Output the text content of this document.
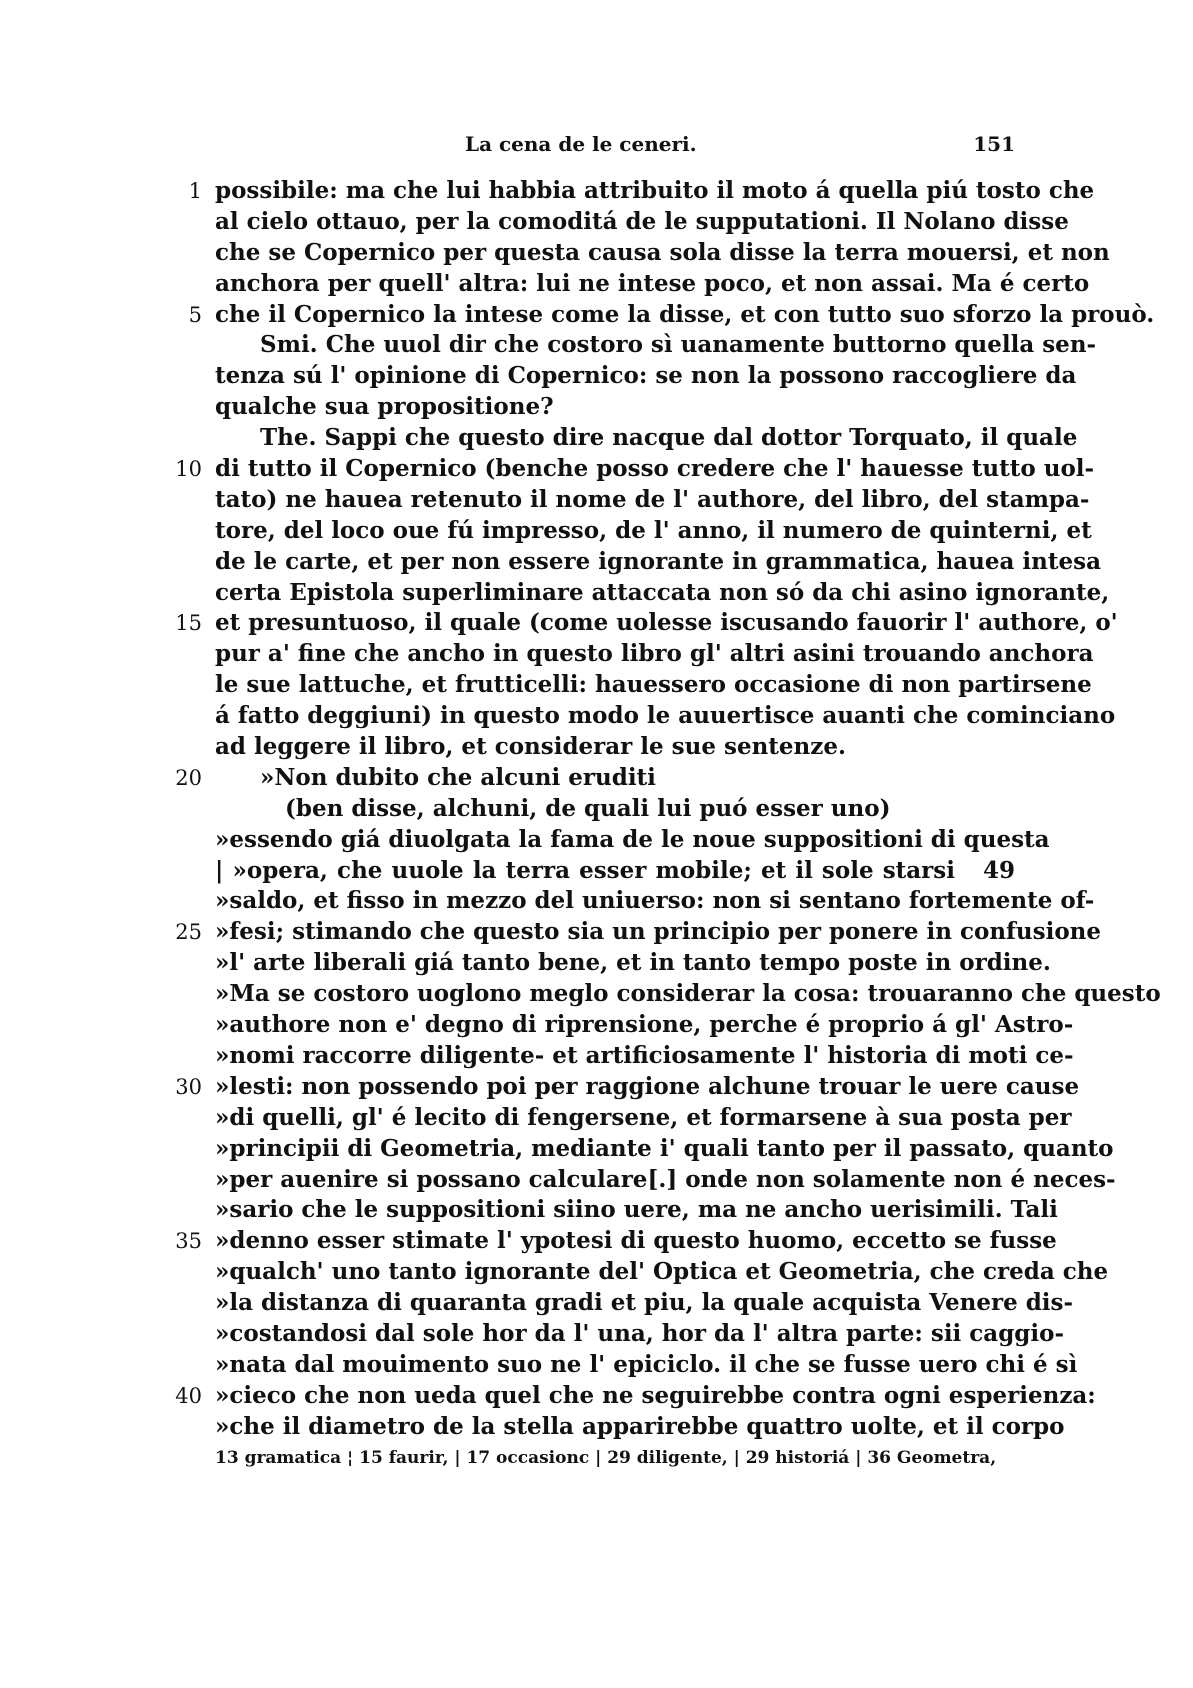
La cena de le ceneri.	151
1 possibile: ma che lui habbia attribuito il moto á quella piú tosto che
al cielo ottauo, per la comoditá de le supputationi. Il Nolano disse
che se Copernico per questa causa sola disse la terra mouersi, et non
anchora per quell' altra: lui ne intese poco, et non assai. Ma é certo
5 che il Copernico la intese come la disse, et con tutto suo sforzo la prouò.
Smi. Che uuol dir che costoro sì uanamente buttorno quella sen-
tenza sú l' opinione di Copernico: se non la possono raccogliere da
qualche sua propositione?
The. Sappi che questo dire nacque dal dottor Torquato, il quale
10 di tutto il Copernico (benche posso credere che l' hauesse tutto uol-
tato) ne hauea retenuto il nome de l' authore, del libro, del stampa-
tore, del loco oue fú impresso, de l' anno, il numero de quinterni, et
de le carte, et per non essere ignorante in grammatica, hauea intesa
certa Epistola superliminare attaccata non só da chi asino ignorante,
15 et presuntuoso, il quale (come uolesse iscusando fauorir l' authore, o'
pur a' fine che ancho in questo libro gl' altri asini trouando anchora
le sue lattuche, et frutticelli: hauessero occasione di non partirsene
á fatto deggiuni) in questo modo le auuertisce auanti che cominciano
ad leggere il libro, et considerar le sue sentenze.
20	»Non dubito che alcuni eruditi
(ben disse, alchuni, de quali lui puó esser uno)
»essendo giá diuolgata la fama de le noue suppositioni di questa
| »opera, che uuole la terra esser mobile; et il sole starsi	49
»saldo, et fisso in mezzo del uniuerso: non si sentano fortemente of-
25 »fesi; stimando che questo sia un principio per ponere in confusione
»l' arte liberali giá tanto bene, et in tanto tempo poste in ordine.
»Ma se costoro uoglono meglo considerar la cosa: trouaranno che questo
»authore non e' degno di riprensione, perche é proprio á gl' Astro-
»nomi raccorre diligente- et artificiosamente l' historia di moti ce-
30 »lesti: non possendo poi per raggione alchune trouar le uere cause
»di quelli, gl' é lecito di fengersene, et formarsene à sua posta per
»principii di Geometria, mediante i' quali tanto per il passato, quanto
»per auenire si possano calculare[.] onde non solamente non é neces-
»sario che le suppositioni siino uere, ma ne ancho uerisimili. Tali
35 »denno esser stimate l' ypotesi di questo huomo, eccetto se fusse
»qualch' uno tanto ignorante del' Optica et Geometria, che creda che
»la distanza di quaranta gradi et piu, la quale acquista Venere dis-
»costandosi dal sole hor da l' una, hor da l' altra parte: sii caggio-
»nata dal mouimento suo ne l' epiciclo. il che se fusse uero chi é sì
40 »cieco che non ueda quel che ne seguirebbe contra ogni esperienza:
»che il diametro de la stella apparirebbe quattro uolte, et il corpo
13 gramatica ¦ 15 faurir, | 17 occasionc | 29 diligente, | 29 historiá | 36 Geometra,
